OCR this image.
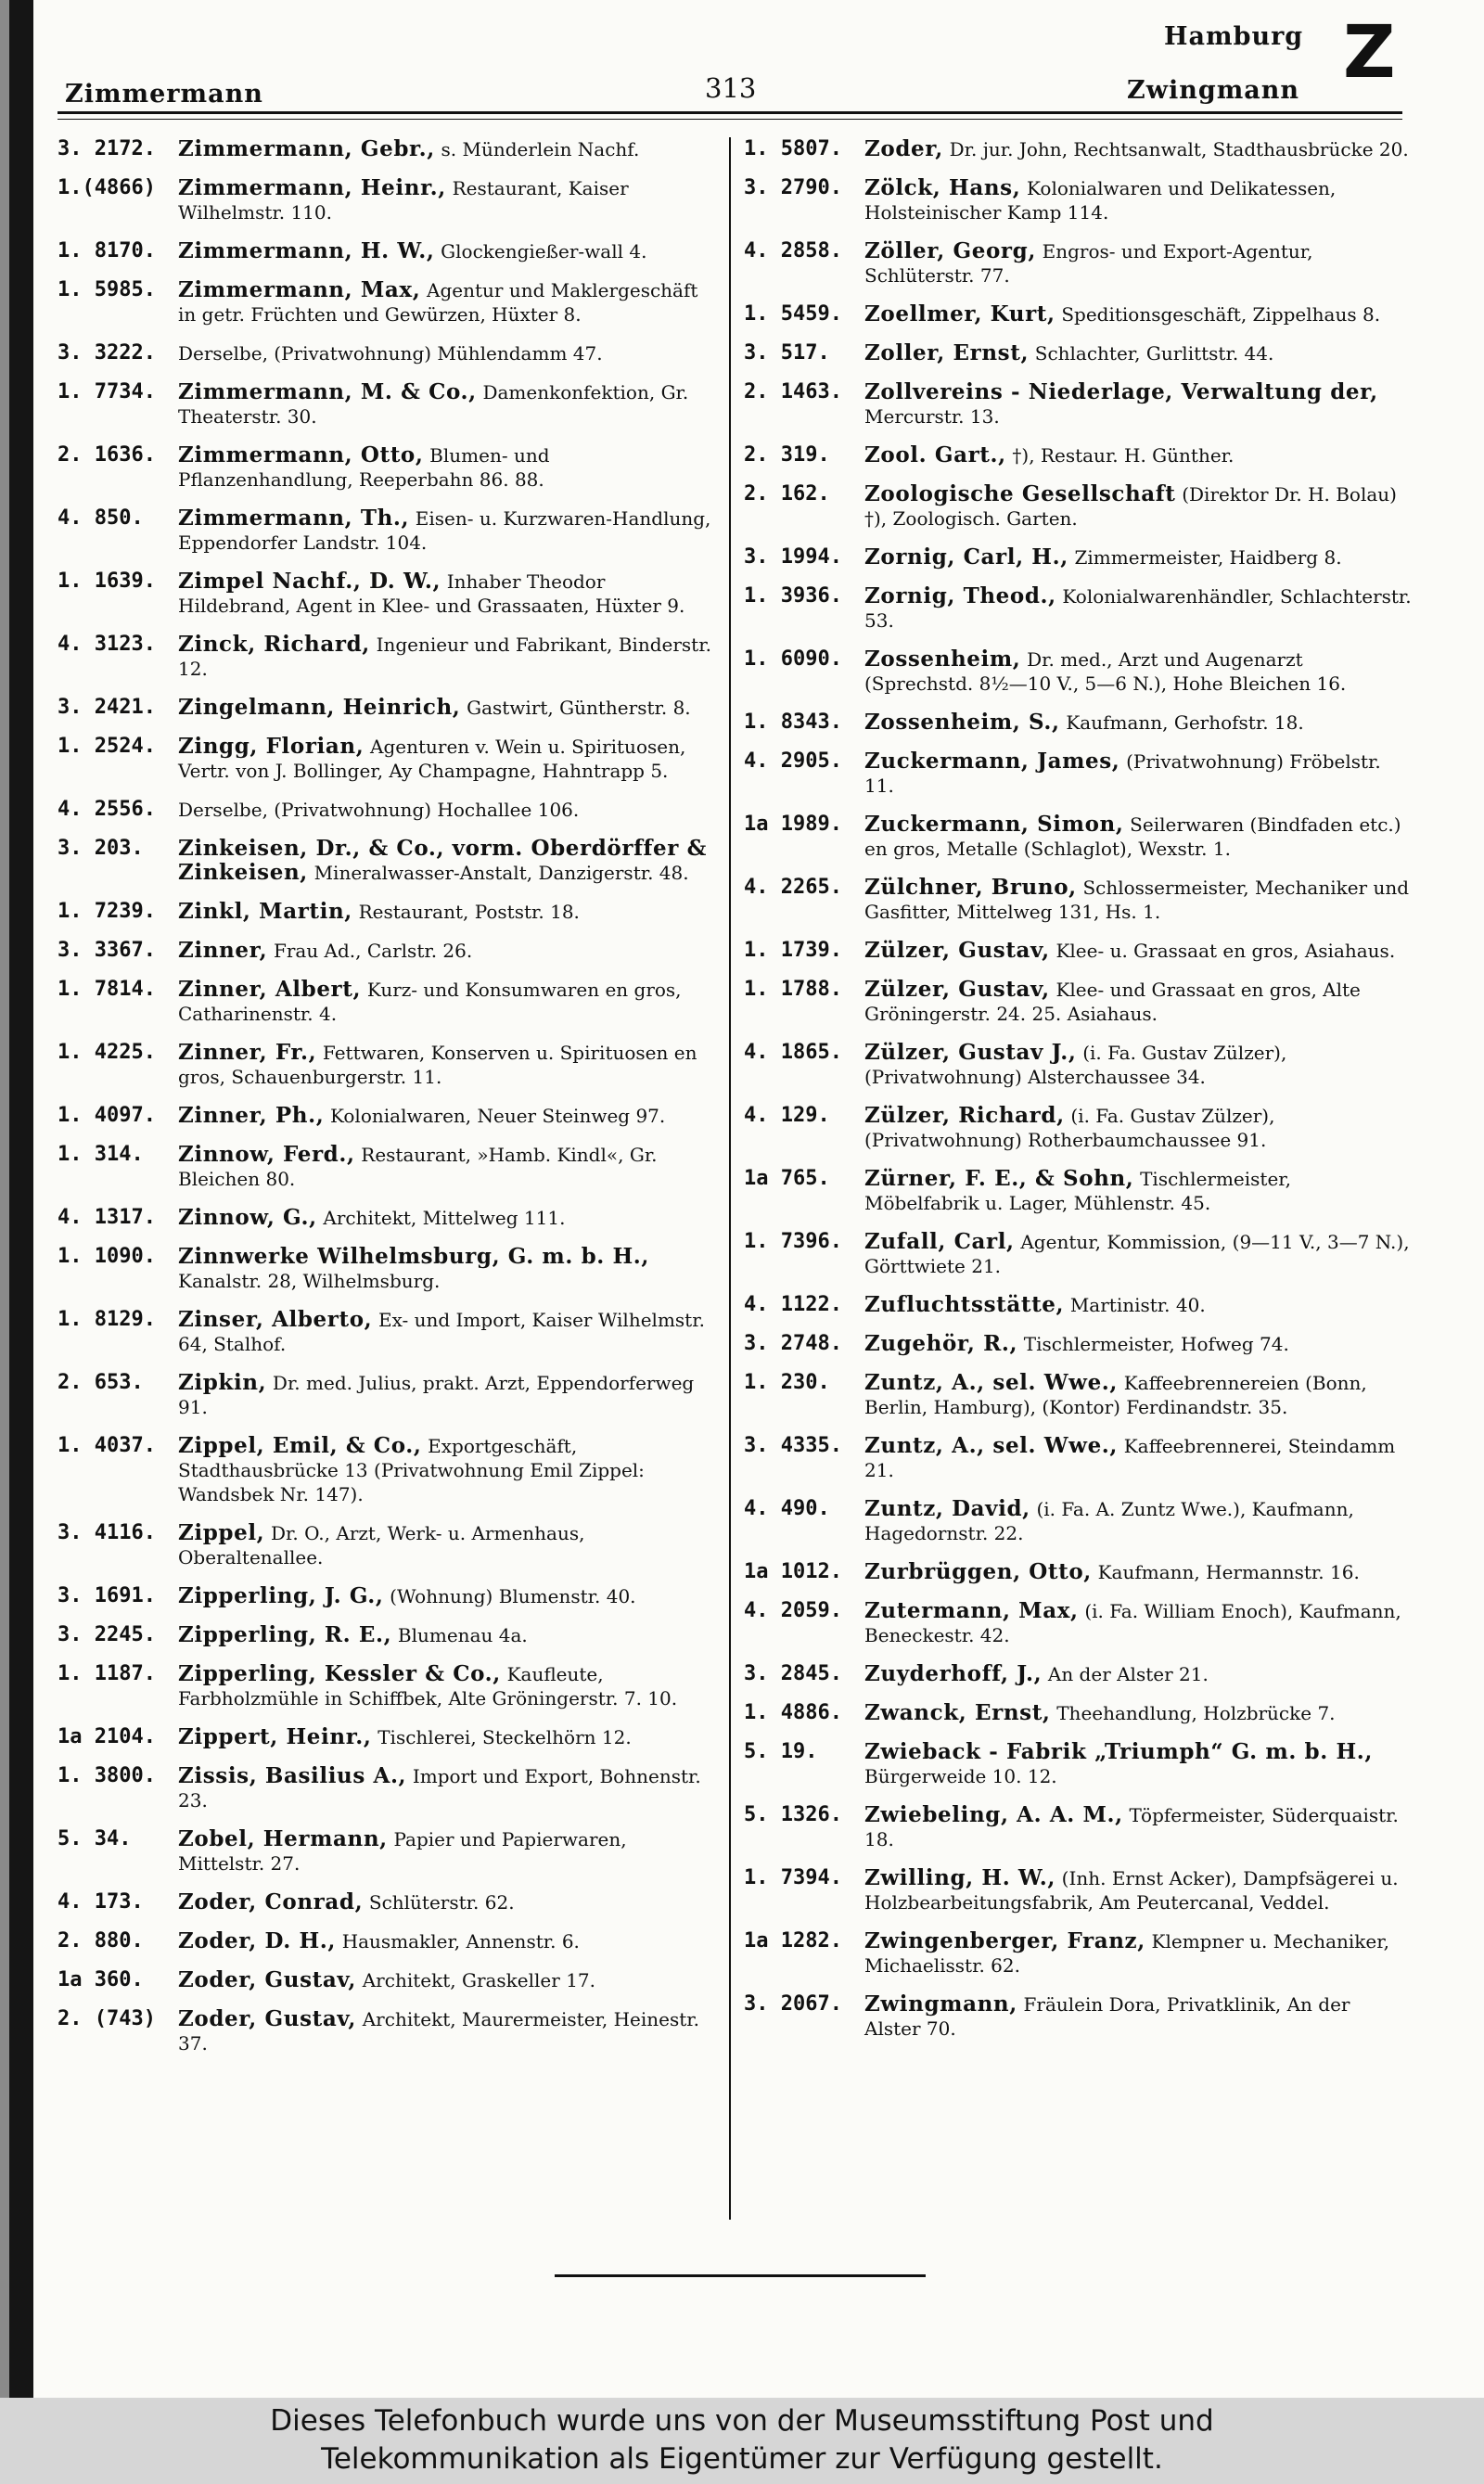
Zimmermann	313
Hamburg
Zwingmann Z
3. 2172.	Zimmermann, Gebr., s. Münderlein Nachf.
1.(4866)	Zimmermann, Heinr., Restaurant, Kaiser Wilhelmstr. 110.
1. 8170.	Zimmermann, H. W., Glockengießer-wall 4.
1. 5985.	Zimmermann, Max, Agentur und Maklergeschäft in getr. Früchten und Gewürzen, Hüxter 8.
3. 3222.	Derselbe, (Privatwohnung) Mühlendamm 47.
1. 7734.	Zimmermann, M. & Co., Damenkonfektion, Gr. Theaterstr. 30.
2. 1636.	Zimmermann, Otto, Blumen- und Pflanzenhandlung, Reeperbahn 86. 88.
4. 850.	Zimmermann, Th., Eisen- u. Kurzwaren-Handlung, Eppendorfer Landstr. 104.
1. 1639.	Zimpel Nachf., D. W., Inhaber Theodor Hildebrand, Agent in Klee- und Grassaaten, Hüxter 9.
4. 3123.	Zinck, Richard, Ingenieur und Fabrikant, Binderstr. 12.
3. 2421.	Zingelmann, Heinrich, Gastwirt, Güntherstr. 8.
1. 2524.	Zingg, Florian, Agenturen v. Wein u. Spirituosen, Vertr. von J. Bollinger, Ay Champagne, Hahntrapp 5.
4. 2556.	Derselbe, (Privatwohnung) Hochallee 106.
3. 203.	Zinkeisen, Dr., & Co., vorm. Oberdörffer & Zinkeisen, Mineralwasser-Anstalt, Danzigerstr. 48.
1. 7239.	Zinkl, Martin, Restaurant, Poststr. 18.
3. 3367.	Zinner, Frau Ad., Carlstr. 26.
1. 7814.	Zinner, Albert, Kurz- und Konsumwaren en gros, Catharinenstr. 4.
1. 4225.	Zinner, Fr., Fettwaren, Konserven u. Spirituosen en gros, Schauenburgerstr. 11.
1. 4097.	Zinner, Ph., Kolonialwaren, Neuer Steinweg 97.
1. 314.	Zinnow, Ferd., Restaurant, »Hamb. Kindl«, Gr. Bleichen 80.
4. 1317.	Zinnow, G., Architekt, Mittelweg 111.
1. 1090.	Zinnwerke Wilhelmsburg, G. m. b. H., Kanalstr. 28, Wilhelmsburg.
1. 8129.	Zinser, Alberto, Ex- und Import, Kaiser Wilhelmstr. 64, Stalhof.
2. 653.	Zipkin, Dr. med. Julius, prakt. Arzt, Eppendorferweg 91.
1. 4037.	Zippel, Emil, & Co., Exportgeschäft, Stadthausbrücke 13 (Privatwohnung Emil Zippel: Wandsbek Nr. 147).
3. 4116.	Zippel, Dr. O., Arzt, Werk- u. Armenhaus, Oberaltenallee.
3. 1691.	Zipperling, J. G., (Wohnung) Blumenstr. 40.
3. 2245.	Zipperling, R. E., Blumenau 4a.
1. 1187.	Zipperling, Kessler & Co., Kaufleute, Farbholzmühle in Schiffbek, Alte Gröningerstr. 7. 10.
1a 2104.	Zippert, Heinr., Tischlerei, Steckelhörn 12.
1. 3800.	Zissis, Basilius A., Import und Export, Bohnenstr. 23.
5. 34.	Zobel, Hermann, Papier und Papierwaren, Mittelstr. 27.
4. 173.	Zoder, Conrad, Schlüterstr. 62.
2. 880.	Zoder, D. H., Hausmakler, Annenstr. 6.
1a 360.	Zoder, Gustav, Architekt, Graskeller 17.
2. (743)	Zoder, Gustav, Architekt, Maurermeister, Heinestr. 37.
1. 5807.	Zoder, Dr. jur. John, Rechtsanwalt, Stadthausbrücke 20.
3. 2790.	Zölck, Hans, Kolonialwaren und Delikatessen, Holsteinischer Kamp 114.
4. 2858.	Zöller, Georg, Engros- und Export-Agentur, Schlüterstr. 77.
1. 5459.	Zoellmer, Kurt, Speditionsgeschäft, Zippelhaus 8.
3. 517.	Zoller, Ernst, Schlachter, Gurlittstr. 44.
2. 1463.	Zollvereins - Niederlage, Verwaltung der, Mercurstr. 13.
2. 319.	Zool. Gart., †), Restaur. H. Günther.
2. 162.	Zoologische Gesellschaft (Direktor Dr. H. Bolau) †), Zoologisch. Garten.
3. 1994.	Zornig, Carl, H., Zimmermeister, Haidberg 8.
1. 3936.	Zornig, Theod., Kolonialwarenhändler, Schlachterstr. 53.
1. 6090.	Zossenheim, Dr. med., Arzt und Augenarzt (Sprechstd. 8½—10 V., 5—6 N.), Hohe Bleichen 16.
1. 8343.	Zossenheim, S., Kaufmann, Gerhofstr. 18.
4. 2905.	Zuckermann, James, (Privatwohnung) Fröbelstr. 11.
1a 1989.	Zuckermann, Simon, Seilerwaren (Bindfaden etc.) en gros, Metalle (Schlaglot), Wexstr. 1.
4. 2265.	Zülchner, Bruno, Schlossermeister, Mechaniker und Gasfitter, Mittelweg 131, Hs. 1.
1. 1739.	Zülzer, Gustav, Klee- u. Grassaat en gros, Asiahaus.
1. 1788.	Zülzer, Gustav, Klee- und Grassaat en gros, Alte Gröningerstr. 24. 25. Asiahaus.
4. 1865.	Zülzer, Gustav J., (i. Fa. Gustav Zülzer), (Privatwohnung) Alsterchaussee 34.
4. 129.	Zülzer, Richard, (i. Fa. Gustav Zülzer), (Privatwohnung) Rotherbaumchaussee 91.
1a 765.	Zürner, F. E., & Sohn, Tischlermeister, Möbelfabrik u. Lager, Mühlenstr. 45.
1. 7396.	Zufall, Carl, Agentur, Kommission, (9—11 V., 3—7 N.), Görttwiete 21.
4. 1122.	Zufluchtsstätte, Martinistr. 40.
3. 2748.	Zugehör, R., Tischlermeister, Hofweg 74.
1. 230.	Zuntz, A., sel. Wwe., Kaffeebrennereien (Bonn, Berlin, Hamburg), (Kontor) Ferdinandstr. 35.
3. 4335.	Zuntz, A., sel. Wwe., Kaffeebrennerei, Steindamm 21.
4. 490.	Zuntz, David, (i. Fa. A. Zuntz Wwe.), Kaufmann, Hagedornstr. 22.
1a 1012.	Zurbrüggen, Otto, Kaufmann, Hermannstr. 16.
4. 2059.	Zutermann, Max, (i. Fa. William Enoch), Kaufmann, Beneckestr. 42.
3. 2845.	Zuyderhoff, J., An der Alster 21.
1. 4886.	Zwanck, Ernst, Theehandlung, Holzbrücke 7.
5. 19.	Zwieback - Fabrik „Triumph“ G. m. b. H., Bürgerweide 10. 12.
5. 1326.	Zwiebeling, A. A. M., Töpfermeister, Süderquaistr. 18.
1. 7394.	Zwilling, H. W., (Inh. Ernst Acker), Dampfsägerei u. Holzbearbeitungsfabrik, Am Peutercanal, Veddel.
1a 1282.	Zwingenberger, Franz, Klempner u. Mechaniker, Michaelisstr. 62.
3. 2067.	Zwingmann, Fräulein Dora, Privatklinik, An der Alster 70.
Dieses Telefonbuch wurde uns von der Museumsstiftung Post und
Telekommunikation als Eigentümer zur Verfügung gestellt.
